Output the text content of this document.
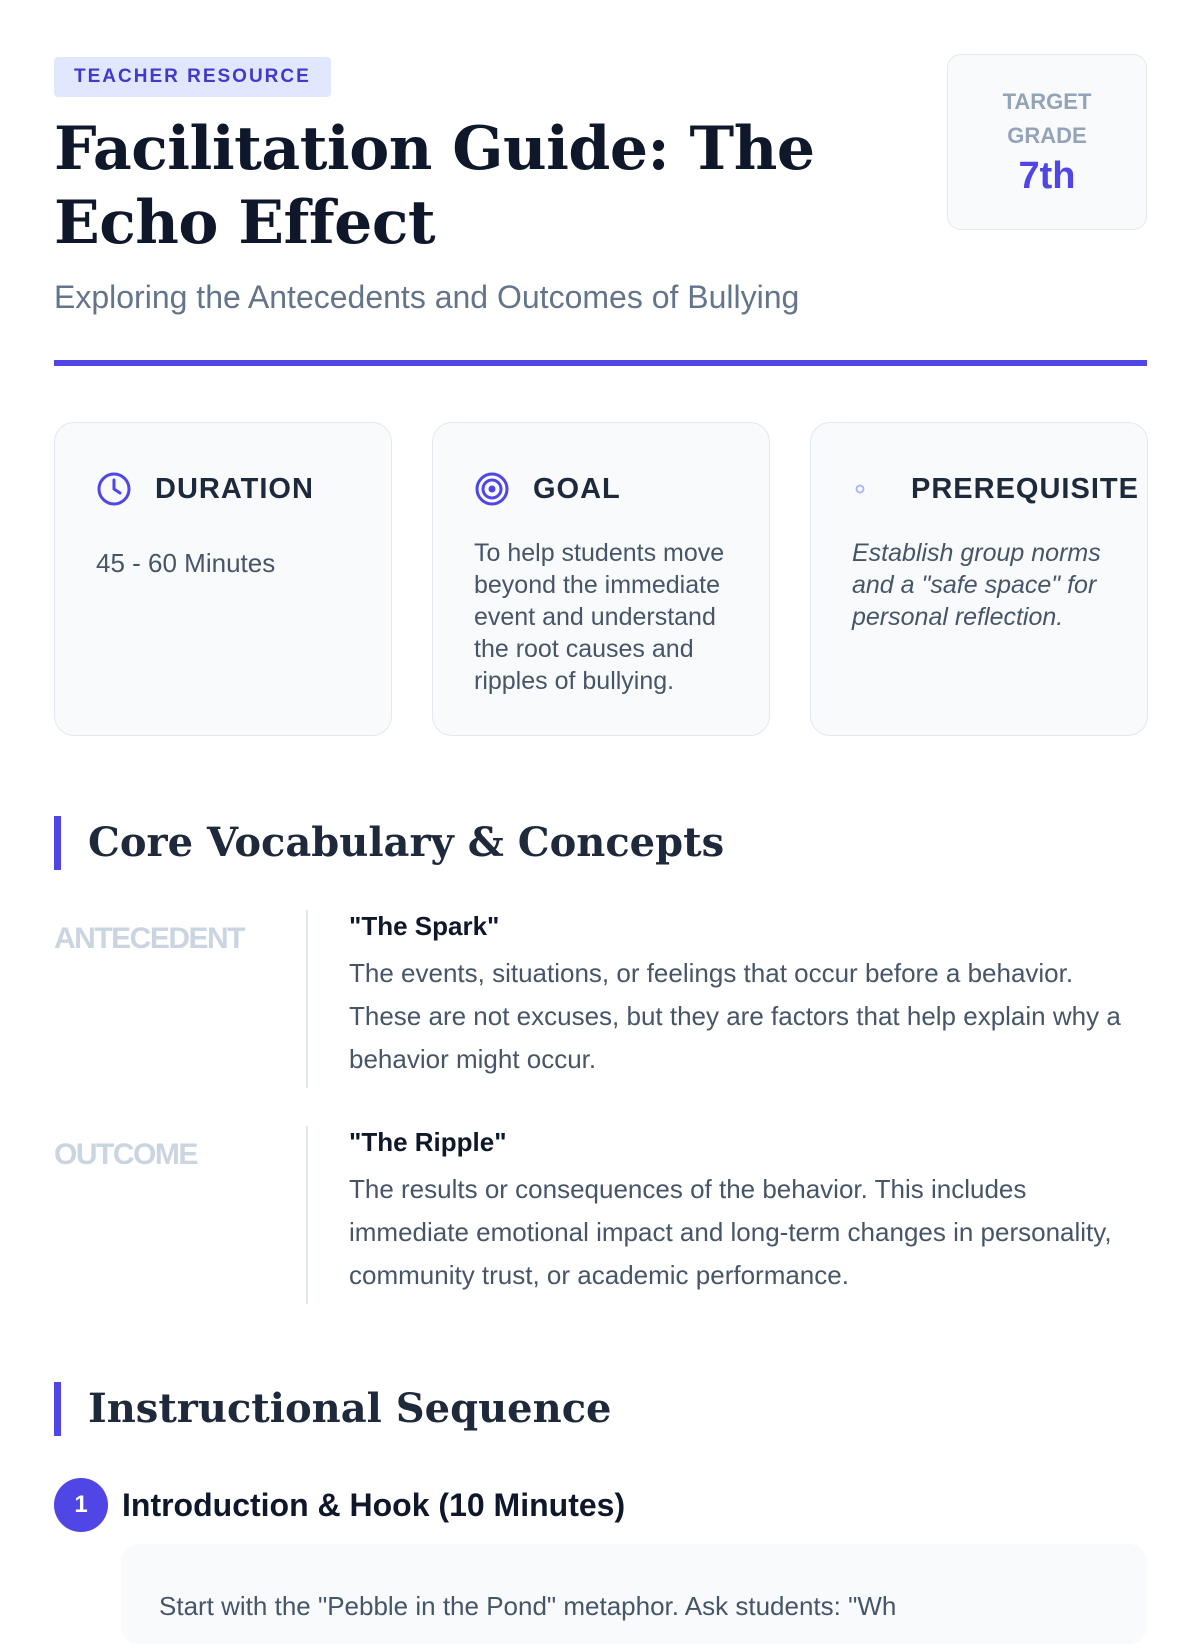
TEACHER RESOURCE
Facilitation Guide: The Echo Effect
Exploring the Antecedents and Outcomes of Bullying
TARGET GRADE
7th
DURATION
45 - 60 Minutes
GOAL
To help students move beyond the immediate event and understand the root causes and ripples of bullying.
PREREQUISITE
Establish group norms and a "safe space" for personal reflection.
Core Vocabulary & Concepts
ANTECEDENT	"The Spark"
The events, situations, or feelings that occur before a behavior. These are not excuses, but they are factors that help explain why a behavior might occur.
OUTCOME	"The Ripple"
The results or consequences of the behavior. This includes immediate emotional impact and long-term changes in personality, community trust, or academic performance.
Instructional Sequence
1	Introduction & Hook (10 Minutes)
Start with the "Pebble in the Pond" metaphor. Ask students: "Wh
